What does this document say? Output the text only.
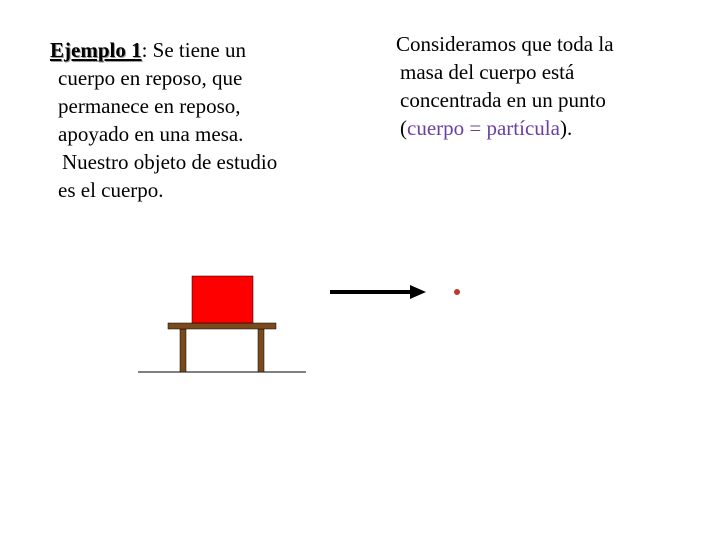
Ejemplo 1: Se tiene un
cuerpo en reposo, que
permanece en reposo,
apoyado en una mesa.
Nuestro objeto de estudio
es el cuerpo.
Consideramos que toda la
masa del cuerpo está
concentrada en un punto
(cuerpo = partícula).
